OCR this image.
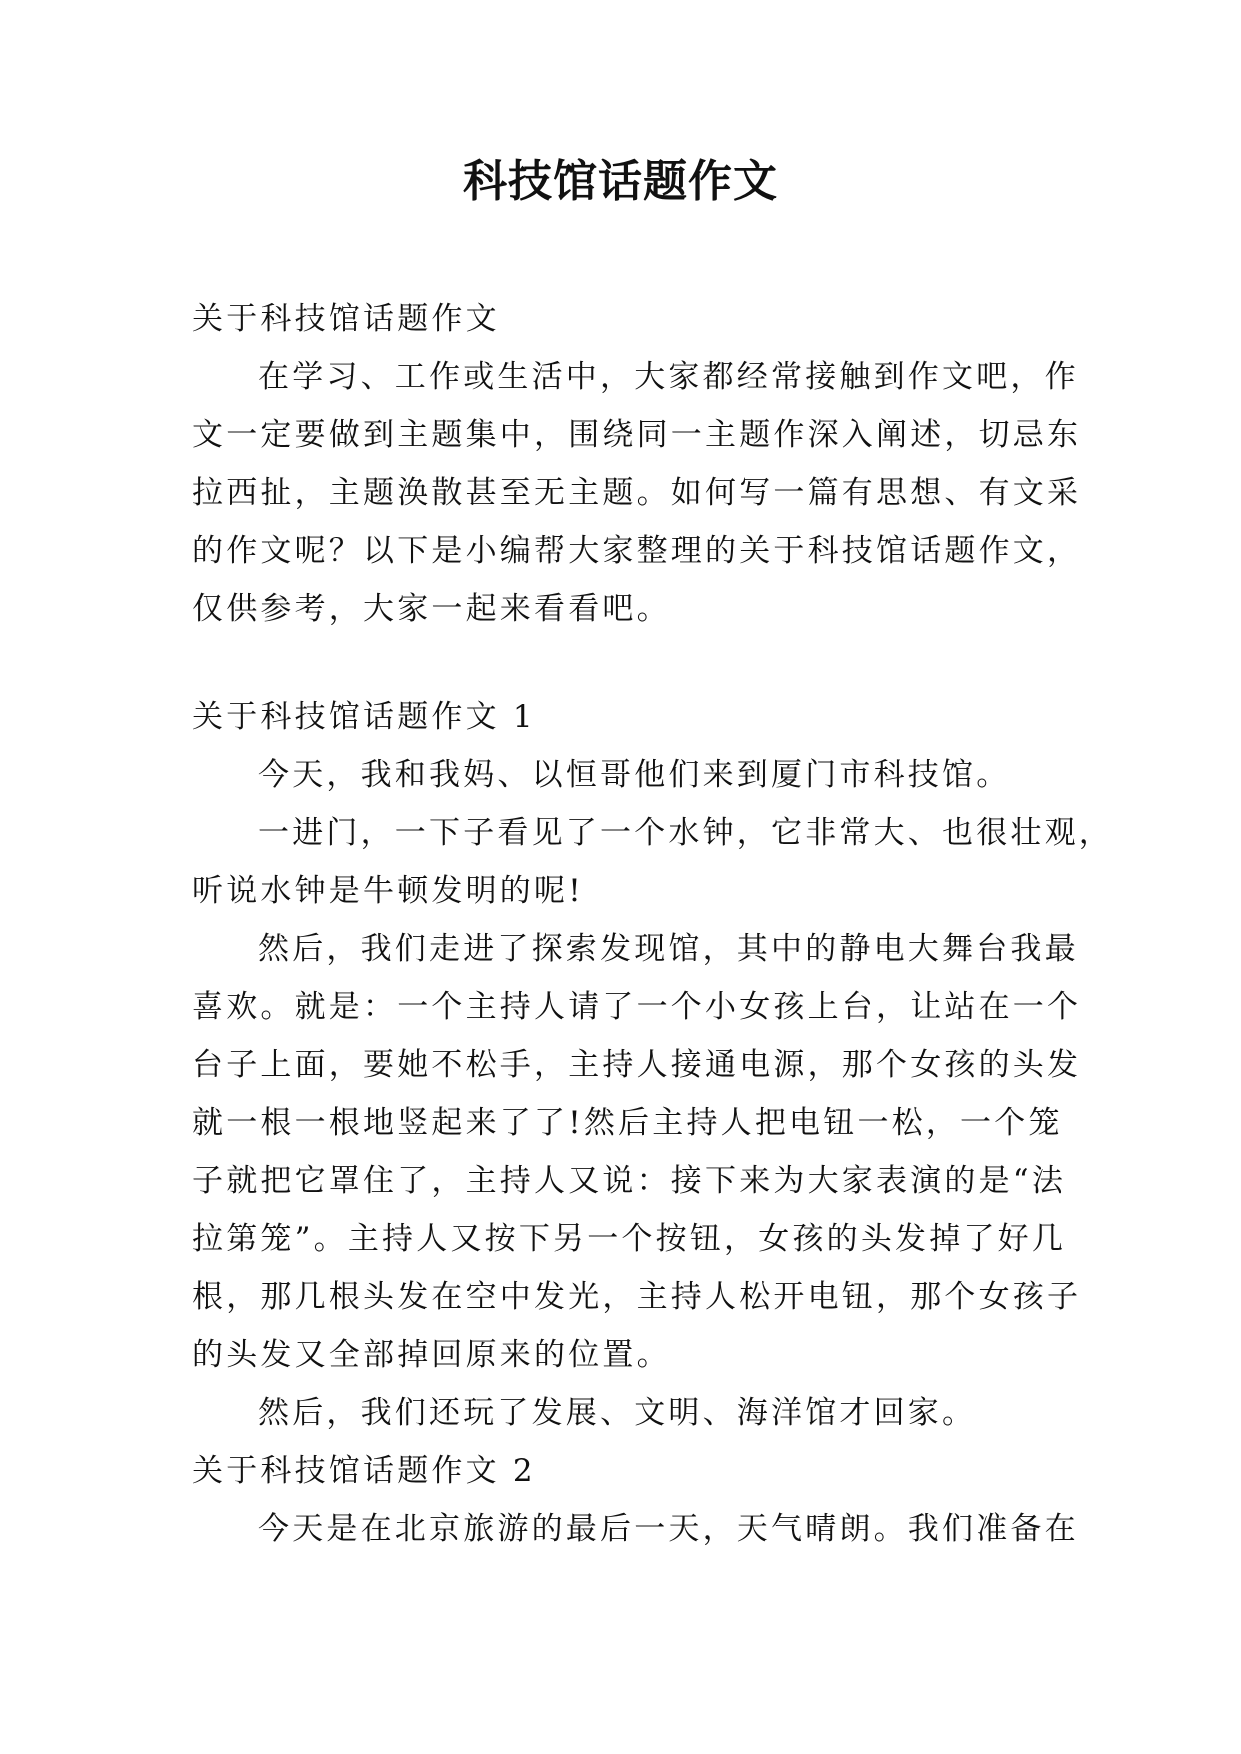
科技馆话题作文

关于科技馆话题作文

在学习、工作或生活中，大家都经常接触到作文吧，作

文一定要做到主题集中，围绕同一主题作深入阐述，切忌东

拉西扯，主题涣散甚至无主题。如何写一篇有思想、有文采

的作文呢？以下是小编帮大家整理的关于科技馆话题作文，

仅供参考，大家一起来看看吧。

关于科技馆话题作文 1

今天，我和我妈、以恒哥他们来到厦门市科技馆。

一进门，一下子看见了一个水钟，它非常大、也很壮观，

听说水钟是牛顿发明的呢!

然后，我们走进了探索发现馆，其中的静电大舞台我最

喜欢。就是：一个主持人请了一个小女孩上台，让站在一个

台子上面，要她不松手，主持人接通电源，那个女孩的头发

就一根一根地竖起来了了!然后主持人把电钮一松，一个笼

子就把它罩住了，主持人又说：接下来为大家表演的是“法

拉第笼”。主持人又按下另一个按钮，女孩的头发掉了好几

根，那几根头发在空中发光，主持人松开电钮，那个女孩子

的头发又全部掉回原来的位置。

然后，我们还玩了发展、文明、海洋馆才回家。

关于科技馆话题作文 2

今天是在北京旅游的最后一天，天气晴朗。我们准备在
